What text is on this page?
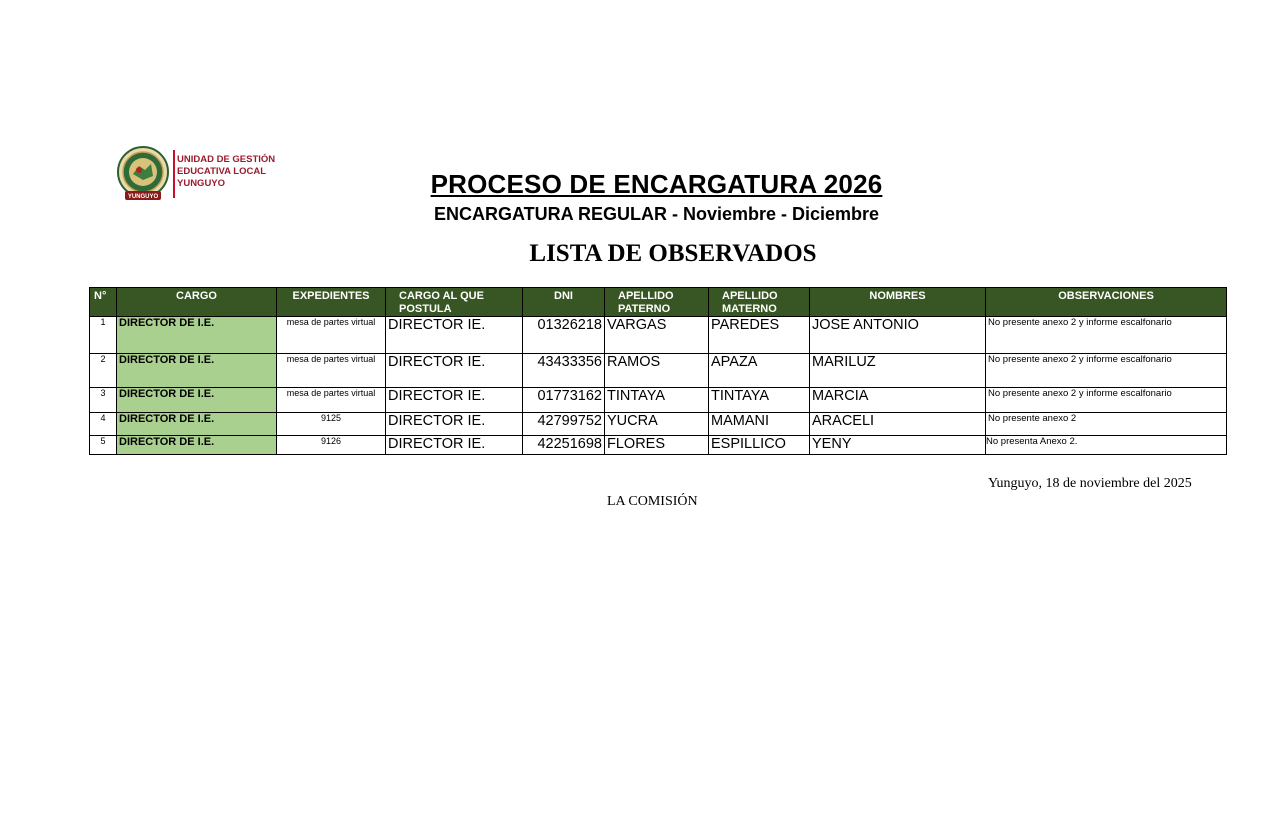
YUNGUYO
UNIDAD DE GESTIÓN
EDUCATIVA LOCAL
YUNGUYO	PROCESO DE ENCARGATURA 2026
ENCARGATURA REGULAR - Noviembre - Diciembre
LISTA DE OBSERVADOS
N°	CARGO	EXPEDIENTES	CARGO AL QUE POSTULA	DNI	APELLIDO PATERNO	APELLIDO MATERNO	NOMBRES	OBSERVACIONES
1	DIRECTOR DE I.E.	mesa de partes virtual	DIRECTOR IE.	01326218	VARGAS	PAREDES	JOSE ANTONIO	No presente anexo 2 y informe escalfonario
2	DIRECTOR DE I.E.	mesa de partes virtual	DIRECTOR IE.	43433356	RAMOS	APAZA	MARILUZ	No presente anexo 2 y informe escalfonario
3	DIRECTOR DE I.E.	mesa de partes virtual	DIRECTOR IE.	01773162	TINTAYA	TINTAYA	MARCIA	No presente anexo 2 y informe escalfonario
4	DIRECTOR DE I.E.	9125	DIRECTOR IE.	42799752	YUCRA	MAMANI	ARACELI	No presente anexo 2
5	DIRECTOR DE I.E.	9126	DIRECTOR IE.	42251698	FLORES	ESPILLICO	YENY	No presenta Anexo 2.
Yunguyo, 18 de noviembre del 2025
LA COMISIÓN
